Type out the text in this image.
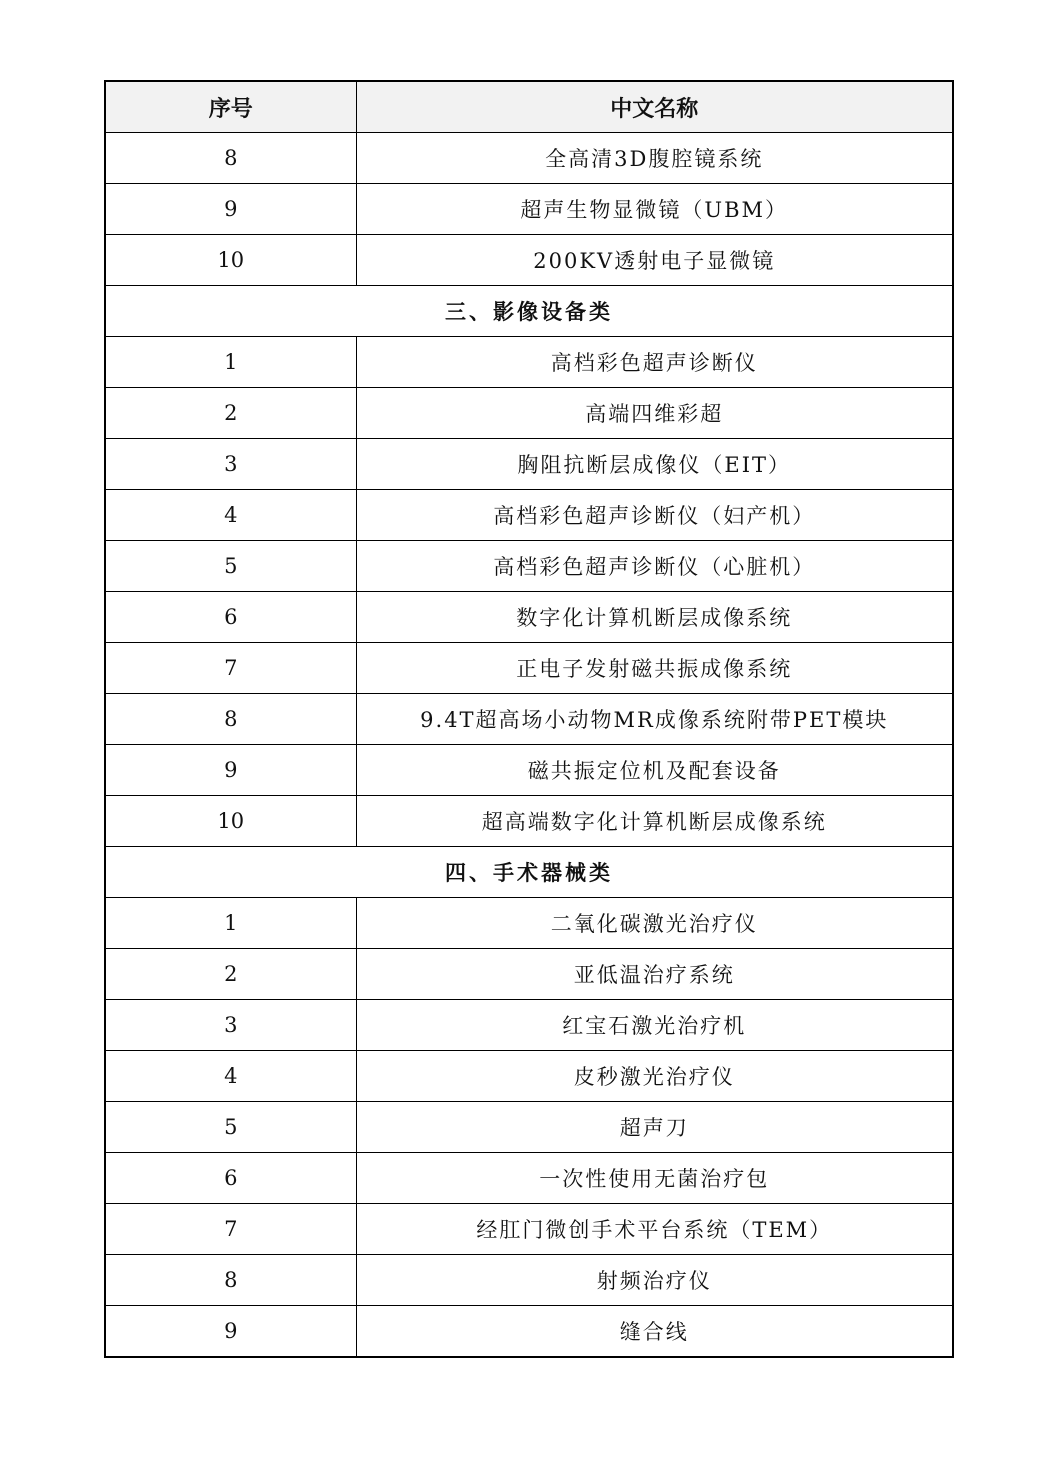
序号	中文名称
8	全高清3D腹腔镜系统
9	超声生物显微镜（UBM）
10	200KV透射电子显微镜
三、影像设备类	
1	高档彩色超声诊断仪
2	高端四维彩超
3	胸阻抗断层成像仪（EIT）
4	高档彩色超声诊断仪（妇产机）
5	高档彩色超声诊断仪（心脏机）
6	数字化计算机断层成像系统
7	正电子发射磁共振成像系统
8	9.4T超高场小动物MR成像系统附带PET模块
9	磁共振定位机及配套设备
10	超高端数字化计算机断层成像系统
四、手术器械类	
1	二氧化碳激光治疗仪
2	亚低温治疗系统
3	红宝石激光治疗机
4	皮秒激光治疗仪
5	超声刀
6	一次性使用无菌治疗包
7	经肛门微创手术平台系统（TEM）
8	射频治疗仪
9	缝合线
